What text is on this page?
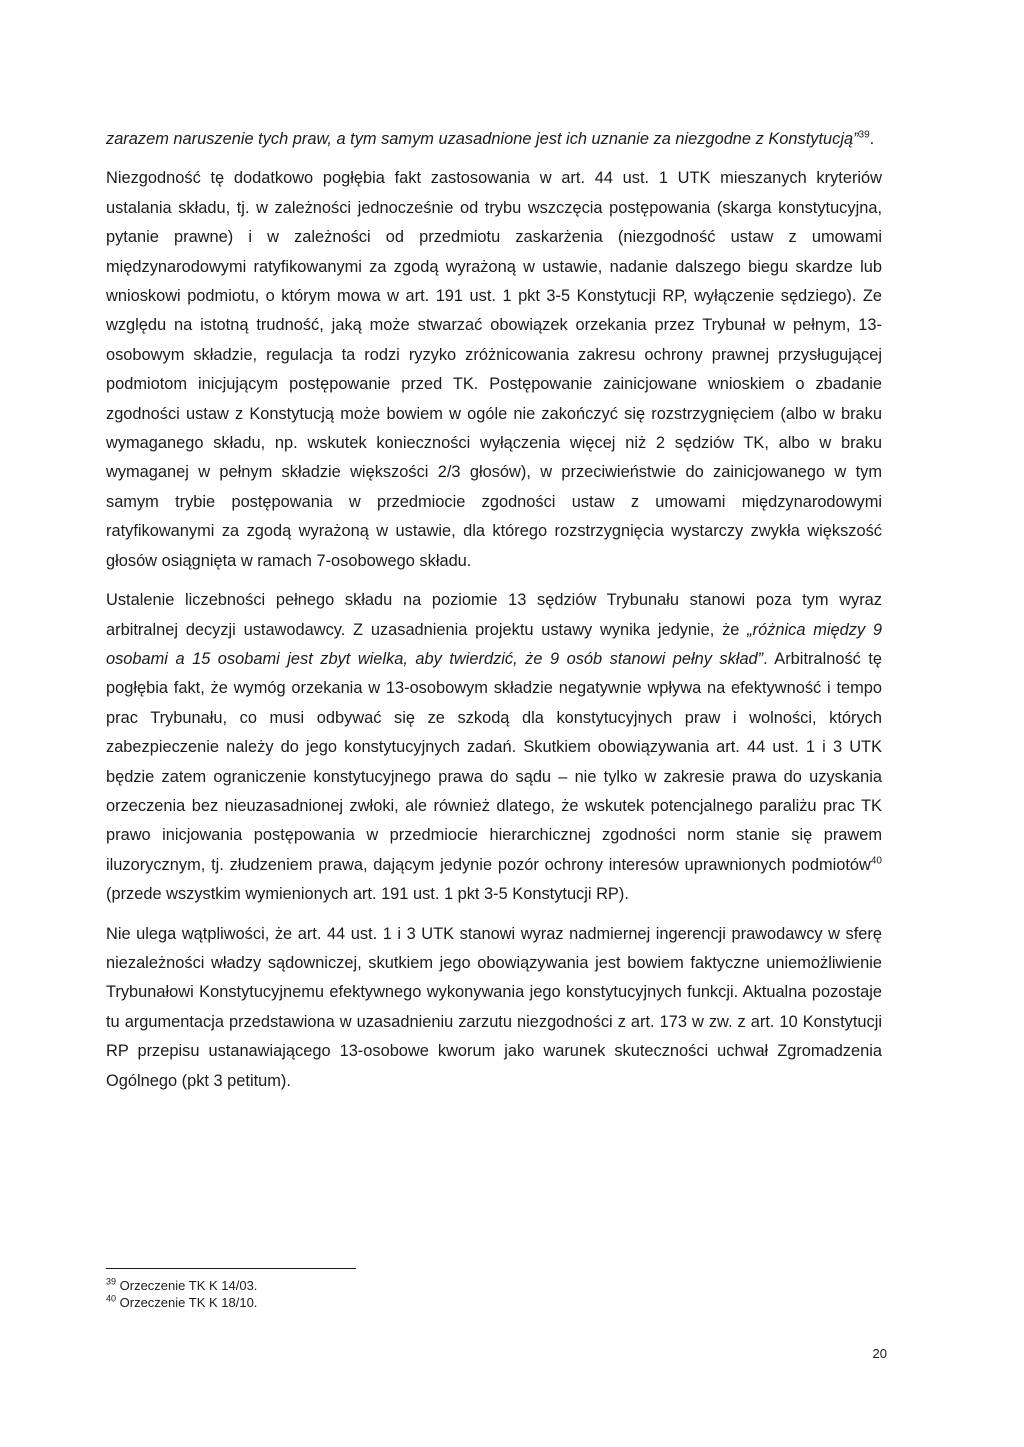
zarazem naruszenie tych praw, a tym samym uzasadnione jest ich uznanie za niezgodne z Konstytucją”$^{39}$.

Niezgodność tę dodatkowo pogłębia fakt zastosowania w art. 44 ust. 1 UTK mieszanych kryteriów ustalania składu, tj. w zależności jednocześnie od trybu wszczęcia postępowania (skarga konstytucyjna, pytanie prawne) i w zależności od przedmiotu zaskarżenia (niezgodność ustaw z umowami międzynarodowymi ratyfikowanymi za zgodą wyrażoną w ustawie, nadanie dalszego biegu skardze lub wnioskowi podmiotu, o którym mowa w art. 191 ust. 1 pkt 3-5 Konstytucji RP, wyłączenie sędziego). Ze względu na istotną trudność, jaką może stwarzać obowiązek orzekania przez Trybunał w pełnym, 13-osobowym składzie, regulacja ta rodzi ryzyko zróżnicowania zakresu ochrony prawnej przysługującej podmiotom inicjującym postępowanie przed TK. Postępowanie zainicjowane wnioskiem o zbadanie zgodności ustaw z Konstytucją może bowiem w ogóle nie zakończyć się rozstrzygnięciem (albo w braku wymaganego składu, np. wskutek konieczności wyłączenia więcej niż 2 sędziów TK, albo w braku wymaganej w pełnym składzie większości 2/3 głosów), w przeciwieństwie do zainicjowanego w tym samym trybie postępowania w przedmiocie zgodności ustaw z umowami międzynarodowymi ratyfikowanymi za zgodą wyrażoną w ustawie, dla którego rozstrzygnięcia wystarczy zwykła większość głosów osiągnięta w ramach 7-osobowego składu.

Ustalenie liczebności pełnego składu na poziomie 13 sędziów Trybunału stanowi poza tym wyraz arbitralnej decyzji ustawodawcy. Z uzasadnienia projektu ustawy wynika jedynie, że „różnica między 9 osobami a 15 osobami jest zbyt wielka, aby twierdzić, że 9 osób stanowi pełny skład”. Arbitralność tę pogłębia fakt, że wymóg orzekania w 13-osobowym składzie negatywnie wpływa na efektywność i tempo prac Trybunału, co musi odbywać się ze szkodą dla konstytucyjnych praw i wolności, których zabezpieczenie należy do jego konstytucyjnych zadań. Skutkiem obowiązywania art. 44 ust. 1 i 3 UTK będzie zatem ograniczenie konstytucyjnego prawa do sądu – nie tylko w zakresie prawa do uzyskania orzeczenia bez nieuzasadnionej zwłoki, ale również dlatego, że wskutek potencjalnego paraliżu prac TK prawo inicjowania postępowania w przedmiocie hierarchicznej zgodności norm stanie się prawem iluzorycznym, tj. złudzeniem prawa, dającym jedynie pozór ochrony interesów uprawnionych podmiotów$^{40}$ (przede wszystkim wymienionych art. 191 ust. 1 pkt 3-5 Konstytucji RP).

Nie ulega wątpliwości, że art. 44 ust. 1 i 3 UTK stanowi wyraz nadmiernej ingerencji prawodawcy w sferę niezależności władzy sądowniczej, skutkiem jego obowiązywania jest bowiem faktyczne uniemożliwienie Trybunałowi Konstytucyjnemu efektywnego wykonywania jego konstytucyjnych funkcji. Aktualna pozostaje tu argumentacja przedstawiona w uzasadnieniu zarzutu niezgodności z art. 173 w zw. z art. 10 Konstytucji RP przepisu ustanawiającego 13-osobowe kworum jako warunek skuteczności uchwał Zgromadzenia Ogólnego (pkt 3 petitum).

$^{39}$ Orzeczenie TK K 14/03.

$^{40}$ Orzeczenie TK K 18/10.

20
